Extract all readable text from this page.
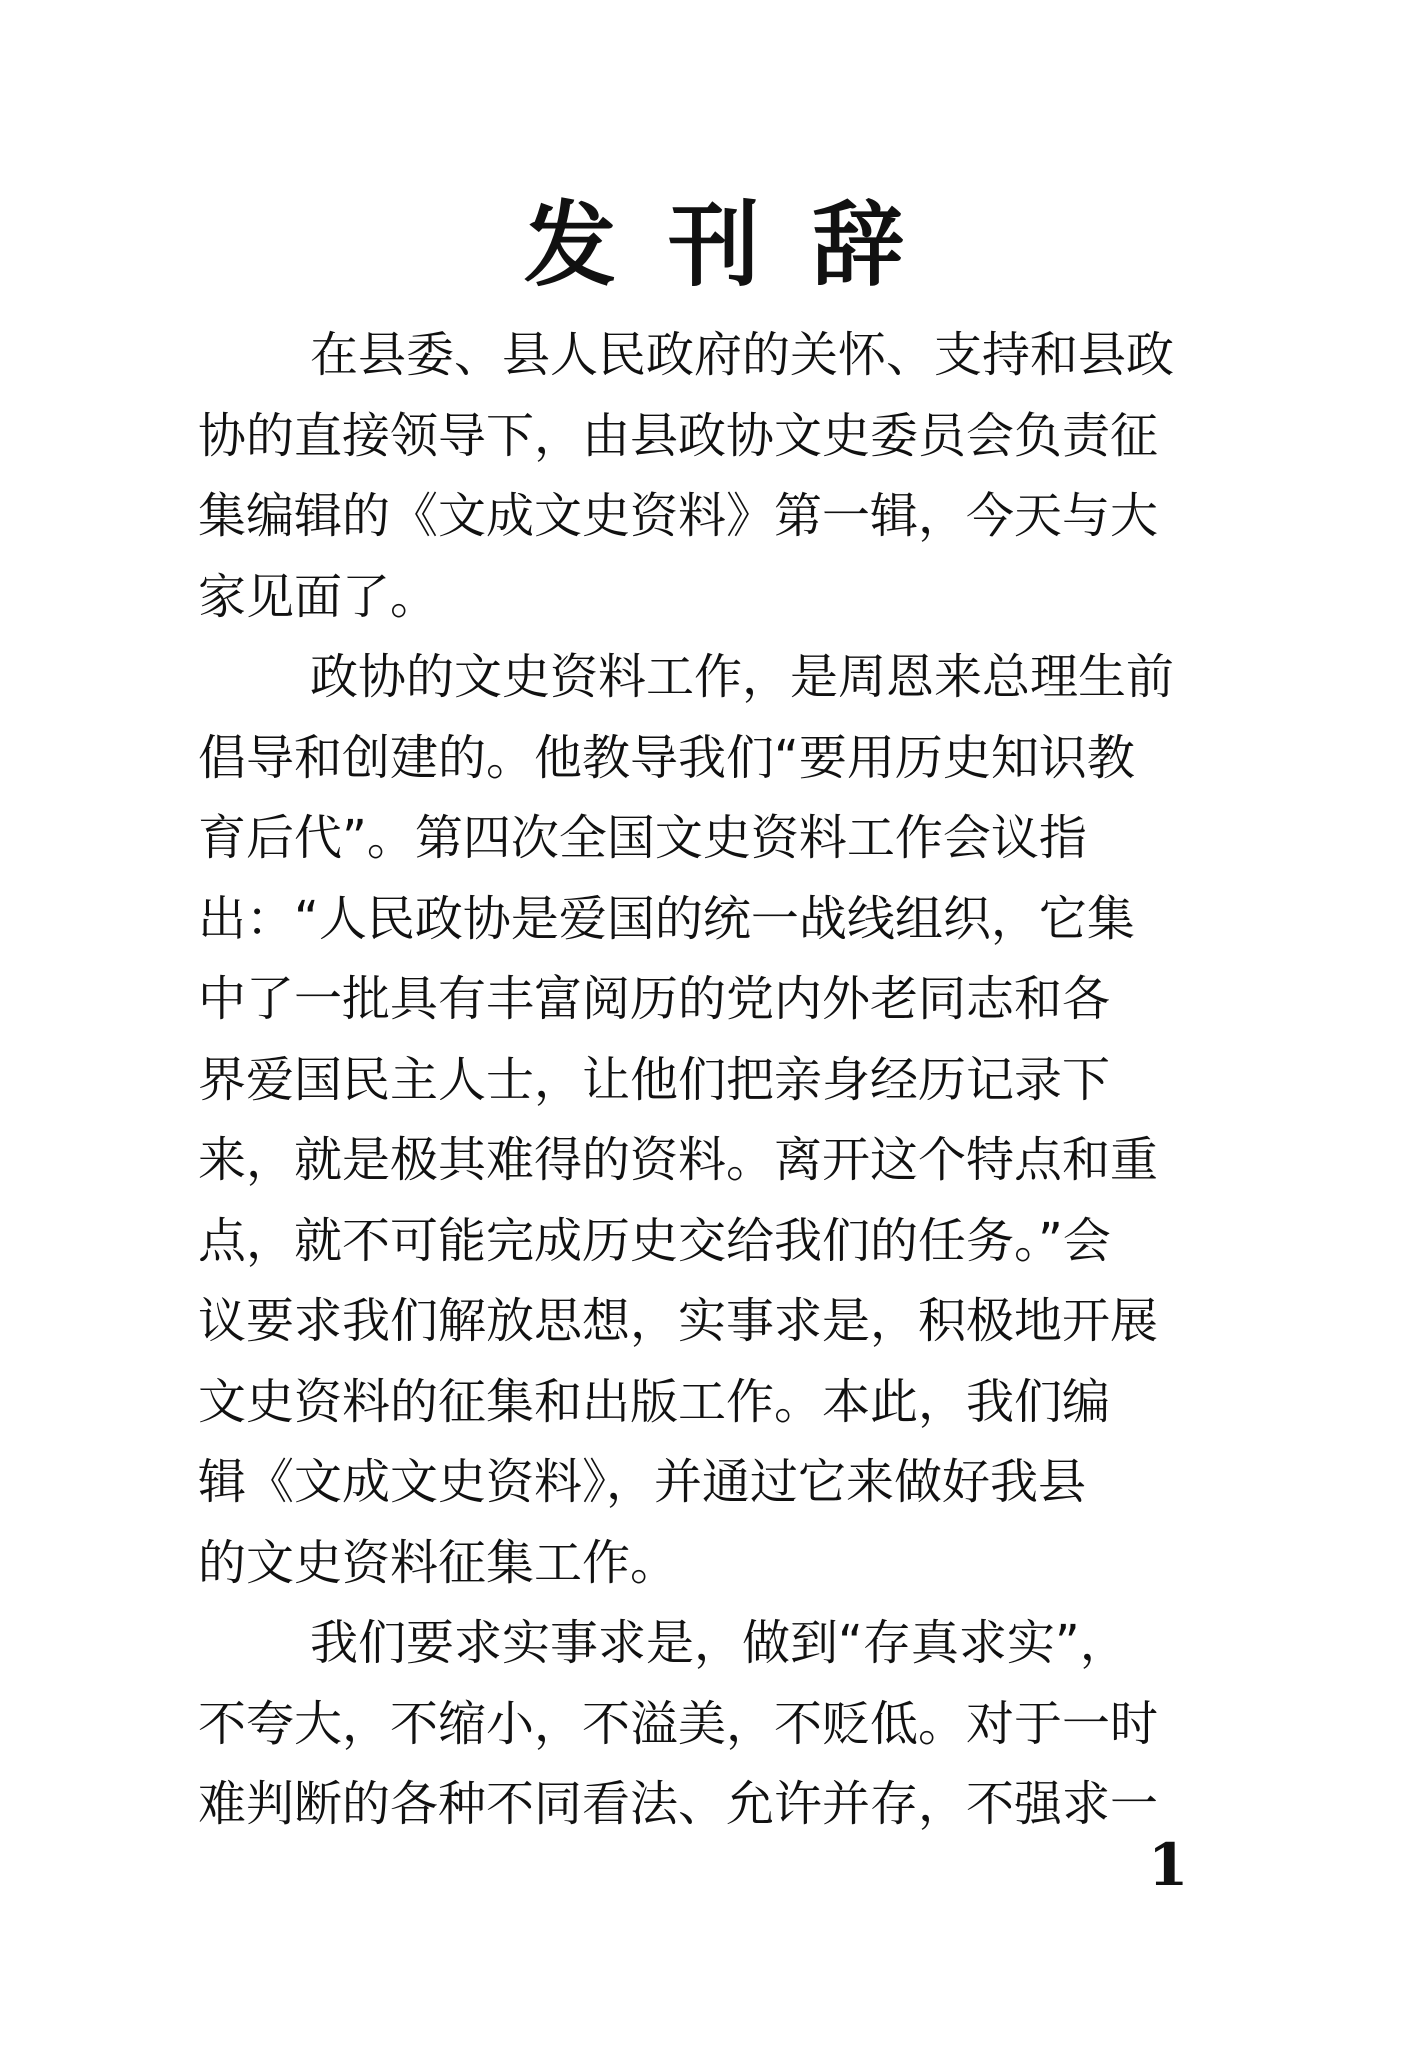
发刊辞
在县委、县人民政府的关怀、支持和县政
协的直接领导下，由县政协文史委员会负责征
集编辑的《文成文史资料》第一辑，今天与大
家见面了。
政协的文史资料工作，是周恩来总理生前
倡导和创建的。他教导我们“要用历史知识教
育后代”。第四次全国文史资料工作会议指
出：“人民政协是爱国的统一战线组织，它集
中了一批具有丰富阅历的党内外老同志和各
界爱国民主人士，让他们把亲身经历记录下
来，就是极其难得的资料。离开这个特点和重
点，就不可能完成历史交给我们的任务。”会
议要求我们解放思想，实事求是，积极地开展
文史资料的征集和出版工作。本此，我们编
辑《文成文史资料》，并通过它来做好我县
的文史资料征集工作。
我们要求实事求是，做到“存真求实”，
不夸大，不缩小，不溢美，不贬低。对于一时
难判断的各种不同看法、允许并存，不强求一
1
